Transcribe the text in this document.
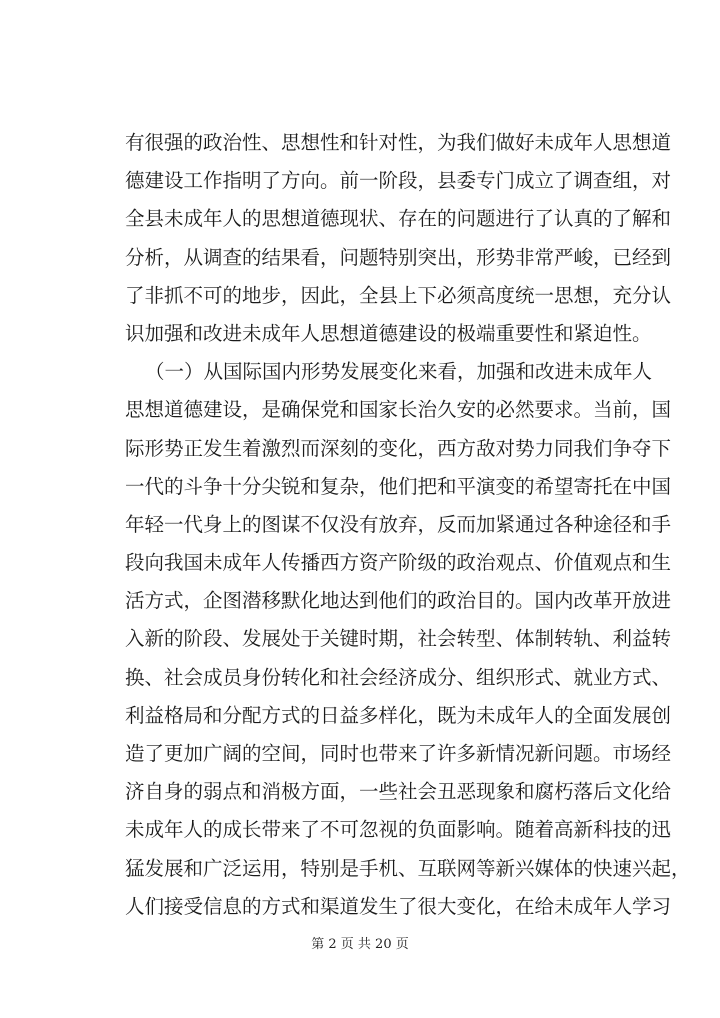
有很强的政治性、思想性和针对性，为我们做好未成年人思想道
德建设工作指明了方向。前一阶段，县委专门成立了调查组，对
全县未成年人的思想道德现状、存在的问题进行了认真的了解和
分析，从调查的结果看，问题特别突出，形势非常严峻，已经到
了非抓不可的地步，因此，全县上下必须高度统一思想，充分认
识加强和改进未成年人思想道德建设的极端重要性和紧迫性。
（一）从国际国内形势发展变化来看，加强和改进未成年人
思想道德建设，是确保党和国家长治久安的必然要求。当前，国
际形势正发生着激烈而深刻的变化，西方敌对势力同我们争夺下
一代的斗争十分尖锐和复杂，他们把和平演变的希望寄托在中国
年轻一代身上的图谋不仅没有放弃，反而加紧通过各种途径和手
段向我国未成年人传播西方资产阶级的政治观点、价值观点和生
活方式，企图潜移默化地达到他们的政治目的。国内改革开放进
入新的阶段、发展处于关键时期，社会转型、体制转轨、利益转
换、社会成员身份转化和社会经济成分、组织形式、就业方式、
利益格局和分配方式的日益多样化，既为未成年人的全面发展创
造了更加广阔的空间，同时也带来了许多新情况新问题。市场经
济自身的弱点和消极方面，一些社会丑恶现象和腐朽落后文化给
未成年人的成长带来了不可忽视的负面影响。随着高新科技的迅
猛发展和广泛运用，特别是手机、互联网等新兴媒体的快速兴起，
人们接受信息的方式和渠道发生了很大变化，在给未成年人学习
第 2 页 共 20 页
